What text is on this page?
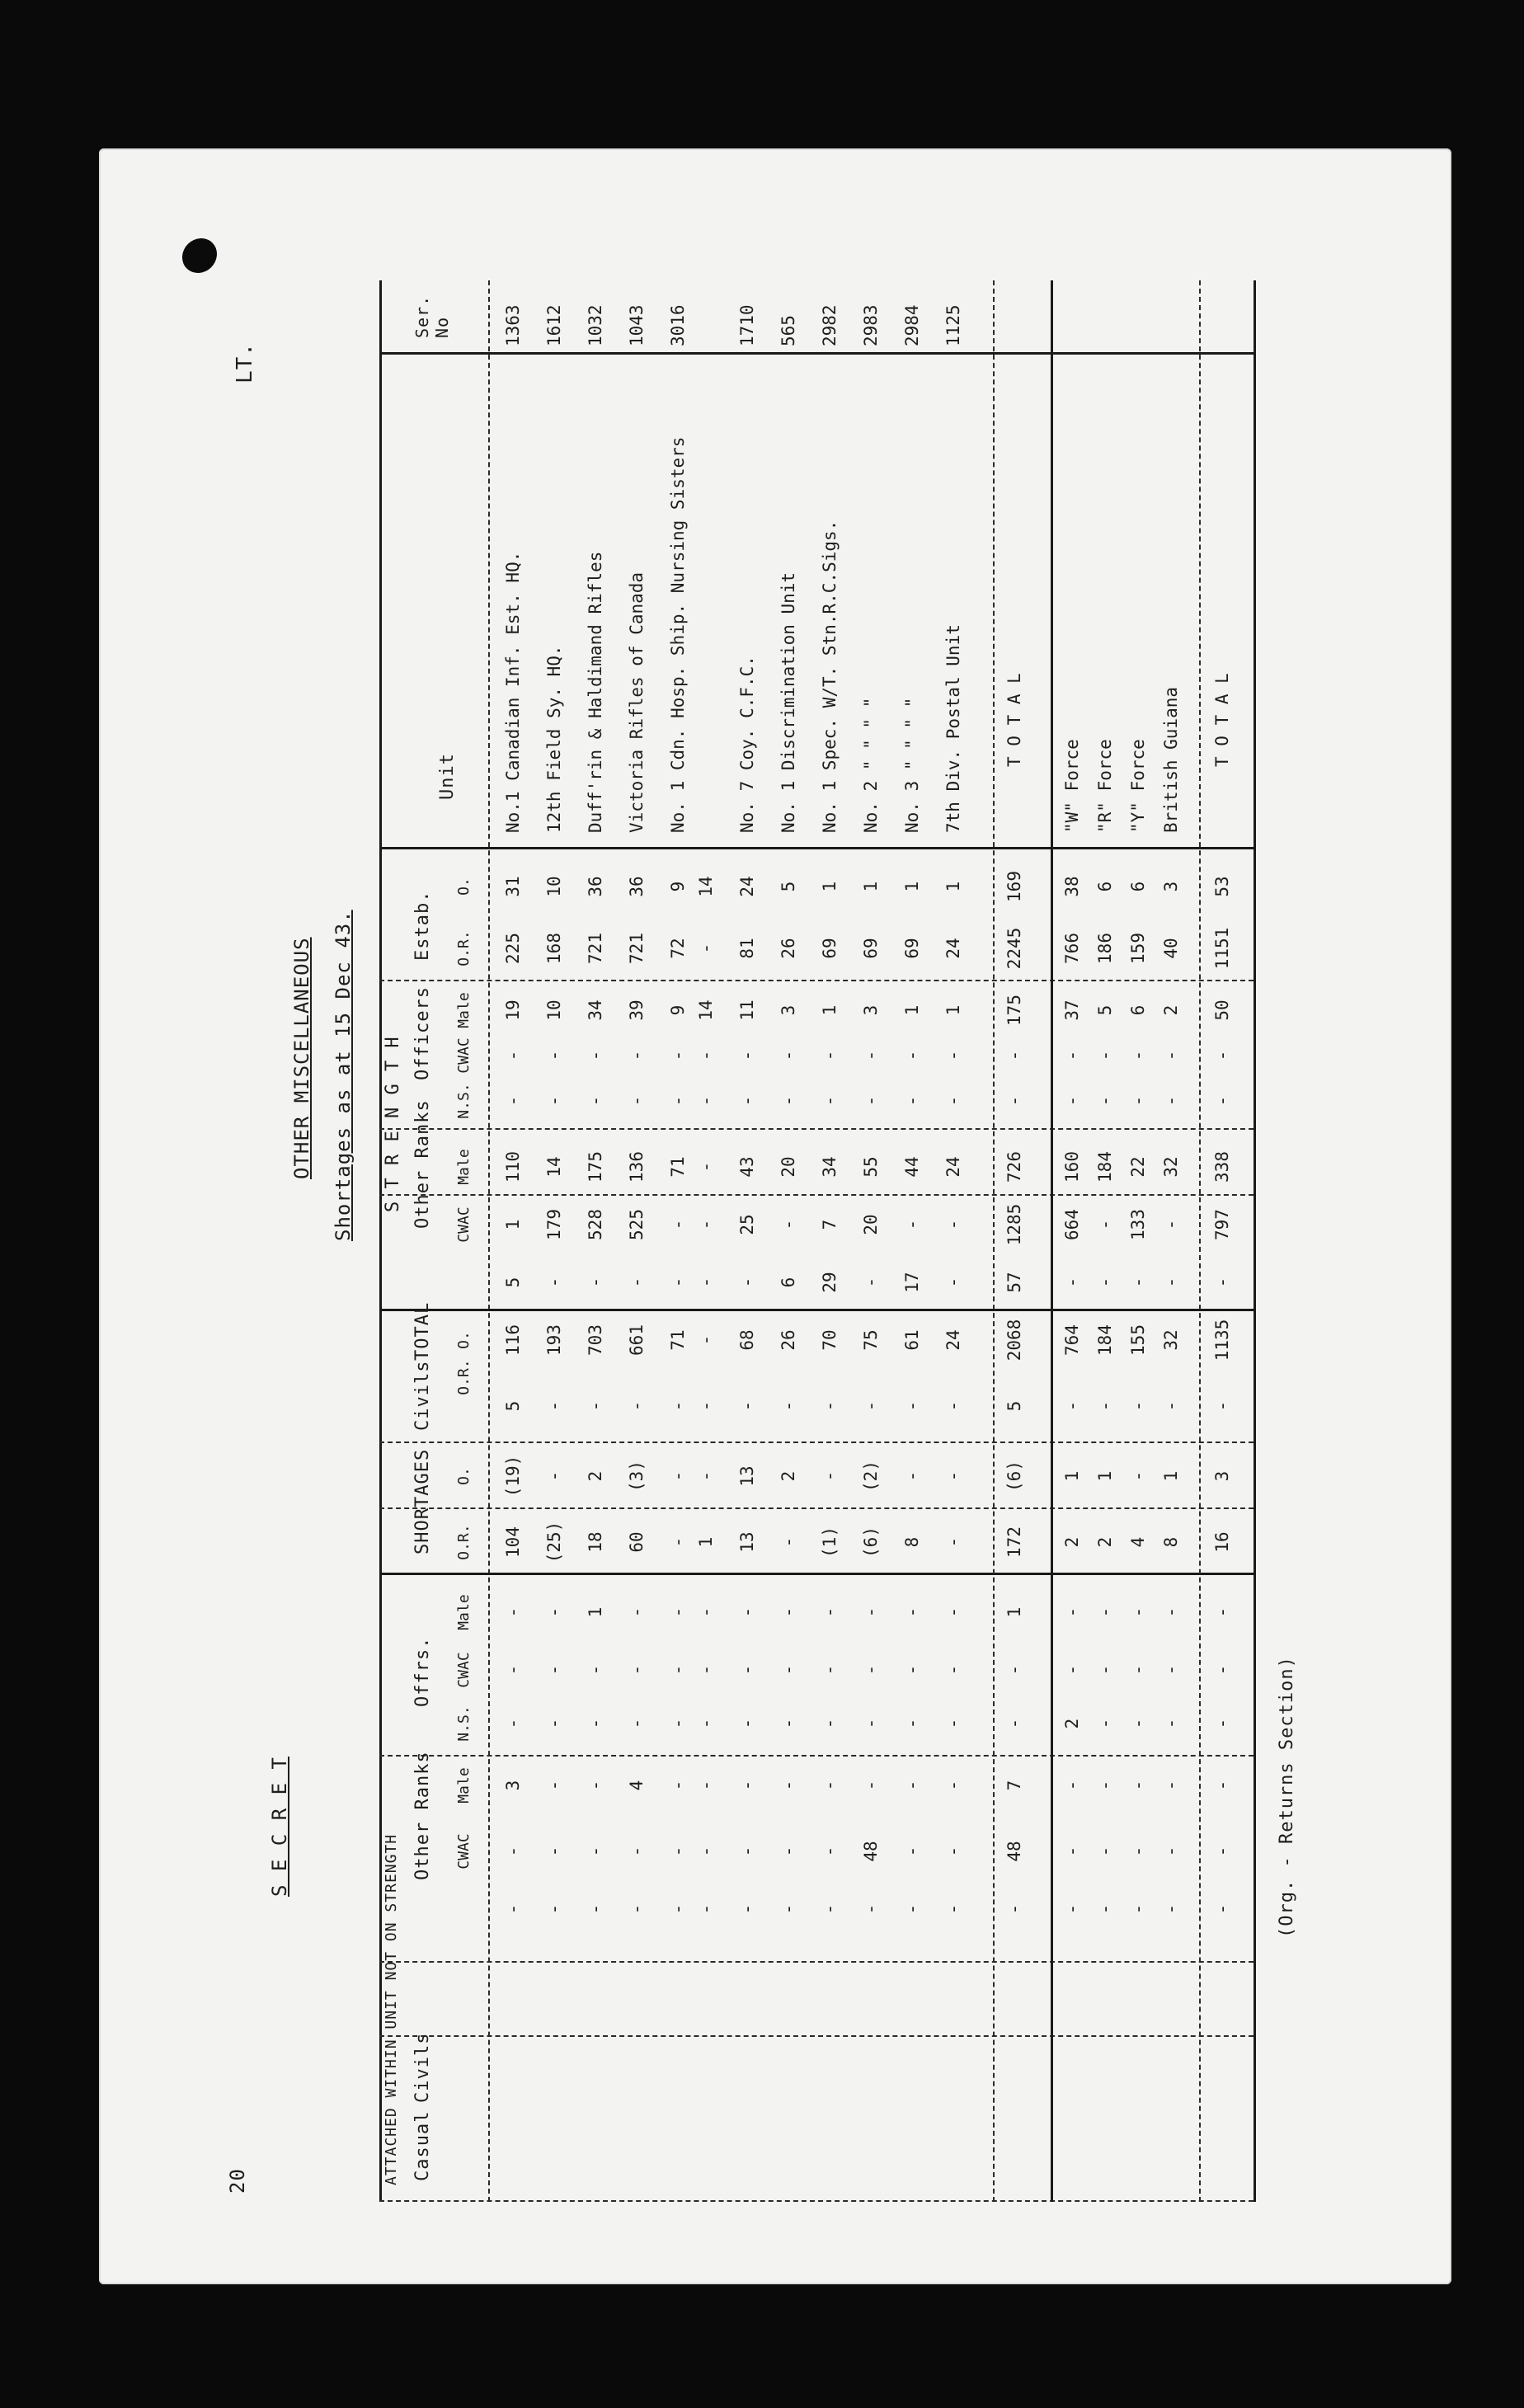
LT.
20
S E C R E T
OTHER MISCELLANEOUS Shortages as at 15 Dec 43.
(Org. - Returns Section)
Ser. No
Unit
S T R E N G T H
Estab.
Officers
Other Ranks
TOTAL
Civils
SHORTAGES
ATTACHED WITHIN UNIT NOT ON STRENGTH
Offrs.
Other Ranks
Civils
Casual
O.
O.R.
Male
CWAC
N.S.
Male
CWAC
O.
O.R.
O.
O.R.
Male
CWAC
N.S.
Male
CWAC
1363
No.1 Canadian Inf. Est. HQ.
31
225
19
-
-
110
1
5
116
5
(19)
104
-
-
-
3
-
-
1612
12th Field Sy. HQ.
10
168
10
-
-
14
179
-
193
-
-
(25)
-
-
-
-
-
-
1032
Duff'rin & Haldimand Rifles
36
721
34
-
-
175
528
-
703
-
2
18
1
-
-
-
-
-
1043
Victoria Rifles of Canada
36
721
39
-
-
136
525
-
661
-
(3)
60
-
-
-
4
-
-
3016
No. 1 Cdn. Hosp. Ship. Nursing Sisters
9
72
9
-
-
71
-
-
71
-
-
-
-
-
-
-
-
-
14
-
14
-
-
-
-
-
-
-
-
1
-
-
-
-
-
-
1710
No. 7 Coy. C.F.C.
24
81
11
-
-
43
25
-
68
-
13
13
-
-
-
-
-
-
565
No. 1 Discrimination Unit
5
26
3
-
-
20
-
6
26
-
2
-
-
-
-
-
-
-
2982
No. 1 Spec. W/T. Stn.R.C.Sigs.
1
69
1
-
-
34
7
29
70
-
-
(1)
-
-
-
-
-
-
2983
No. 2 " " " "
1
69
3
-
-
55
20
-
75
-
(2)
(6)
-
-
-
-
48
-
2984
No. 3 " " " "
1
69
1
-
-
44
-
17
61
-
-
8
-
-
-
-
-
-
1125
7th Div. Postal Unit
1
24
1
-
-
24
-
-
24
-
-
-
-
-
-
-
-
-
T O T A L
169
2245
175
-
-
726
1285
57
2068
5
(6)
172
1
-
-
7
48
-
"W" Force
38
766
37
-
-
160
664
-
764
-
1
2
-
-
2
-
-
-
"R" Force
6
186
5
-
-
184
-
-
184
-
1
2
-
-
-
-
-
-
"Y" Force
6
159
6
-
-
22
133
-
155
-
-
4
-
-
-
-
-
-
British Guiana
3
40
2
-
-
32
-
-
32
-
1
8
-
-
-
-
-
-
T O T A L
53
1151
50
-
-
338
797
-
1135
-
3
16
-
-
-
-
-
-
